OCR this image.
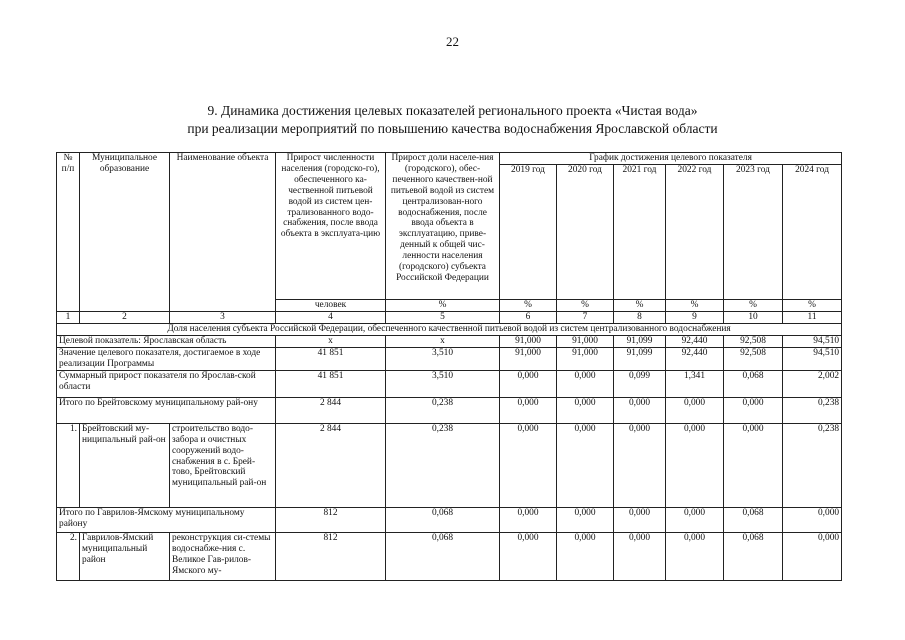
22
9. Динамика достижения целевых показателей регионального проекта «Чистая вода»
при реализации мероприятий по повышению качества водоснабжения Ярославской области
№ п/п	Муниципальное образование	Наименование объекта	Прирост численности населения (городско-го), обеспеченного ка-чественной питьевой водой из систем цен-трализованного водо-снабжения, после ввода объекта в эксплуата-цию	Прирост доли населе-ния (городского), обес-печенного качествен-ной питьевой водой из систем централизован-ного водоснабжения, после ввода объекта в эксплуатацию, приве-денный к общей чис-ленности населения (городского) субъекта Российской Федерации	График достижения целевого показателя					
					2019 год	2020 год	2021 год	2022 год	2023 год	2024 год
			человек	%	%	%	%	%	%	%
1	2	3	4	5	6	7	8	9	10	11
Доля населения субъекта Российской Федерации, обеспеченного качественной питьевой водой из систем централизованного водоснабжения										
Целевой показатель: Ярославская область			х	х	91,000	91,000	91,099	92,440	92,508	94,510
Значение целевого показателя, достигаемое в ходе реализации Программы			41 851	3,510	91,000	91,000	91,099	92,440	92,508	94,510
Суммарный прирост показателя по Ярослав-ской области			41 851	3,510	0,000	0,000	0,099	1,341	0,068	2,002
Итого по Брейтовскому муниципальному рай-ону			2 844	0,238	0,000	0,000	0,000	0,000	0,000	0,238
1.	Брейтовский му-ниципальный рай-он	строительство водо-забора и очистных сооружений водо-снабжения в с. Брей-тово, Брейтовский муниципальный рай-он	2 844	0,238	0,000	0,000	0,000	0,000	0,000	0,238
Итого по Гаврилов-Ямскому муниципальному району			812	0,068	0,000	0,000	0,000	0,000	0,068	0,000
2.	Гаврилов-Ямский муниципальный район	реконструкция си-стемы водоснабже-ния с. Великое Гав-рилов-Ямского му-	812	0,068	0,000	0,000	0,000	0,000	0,068	0,000
